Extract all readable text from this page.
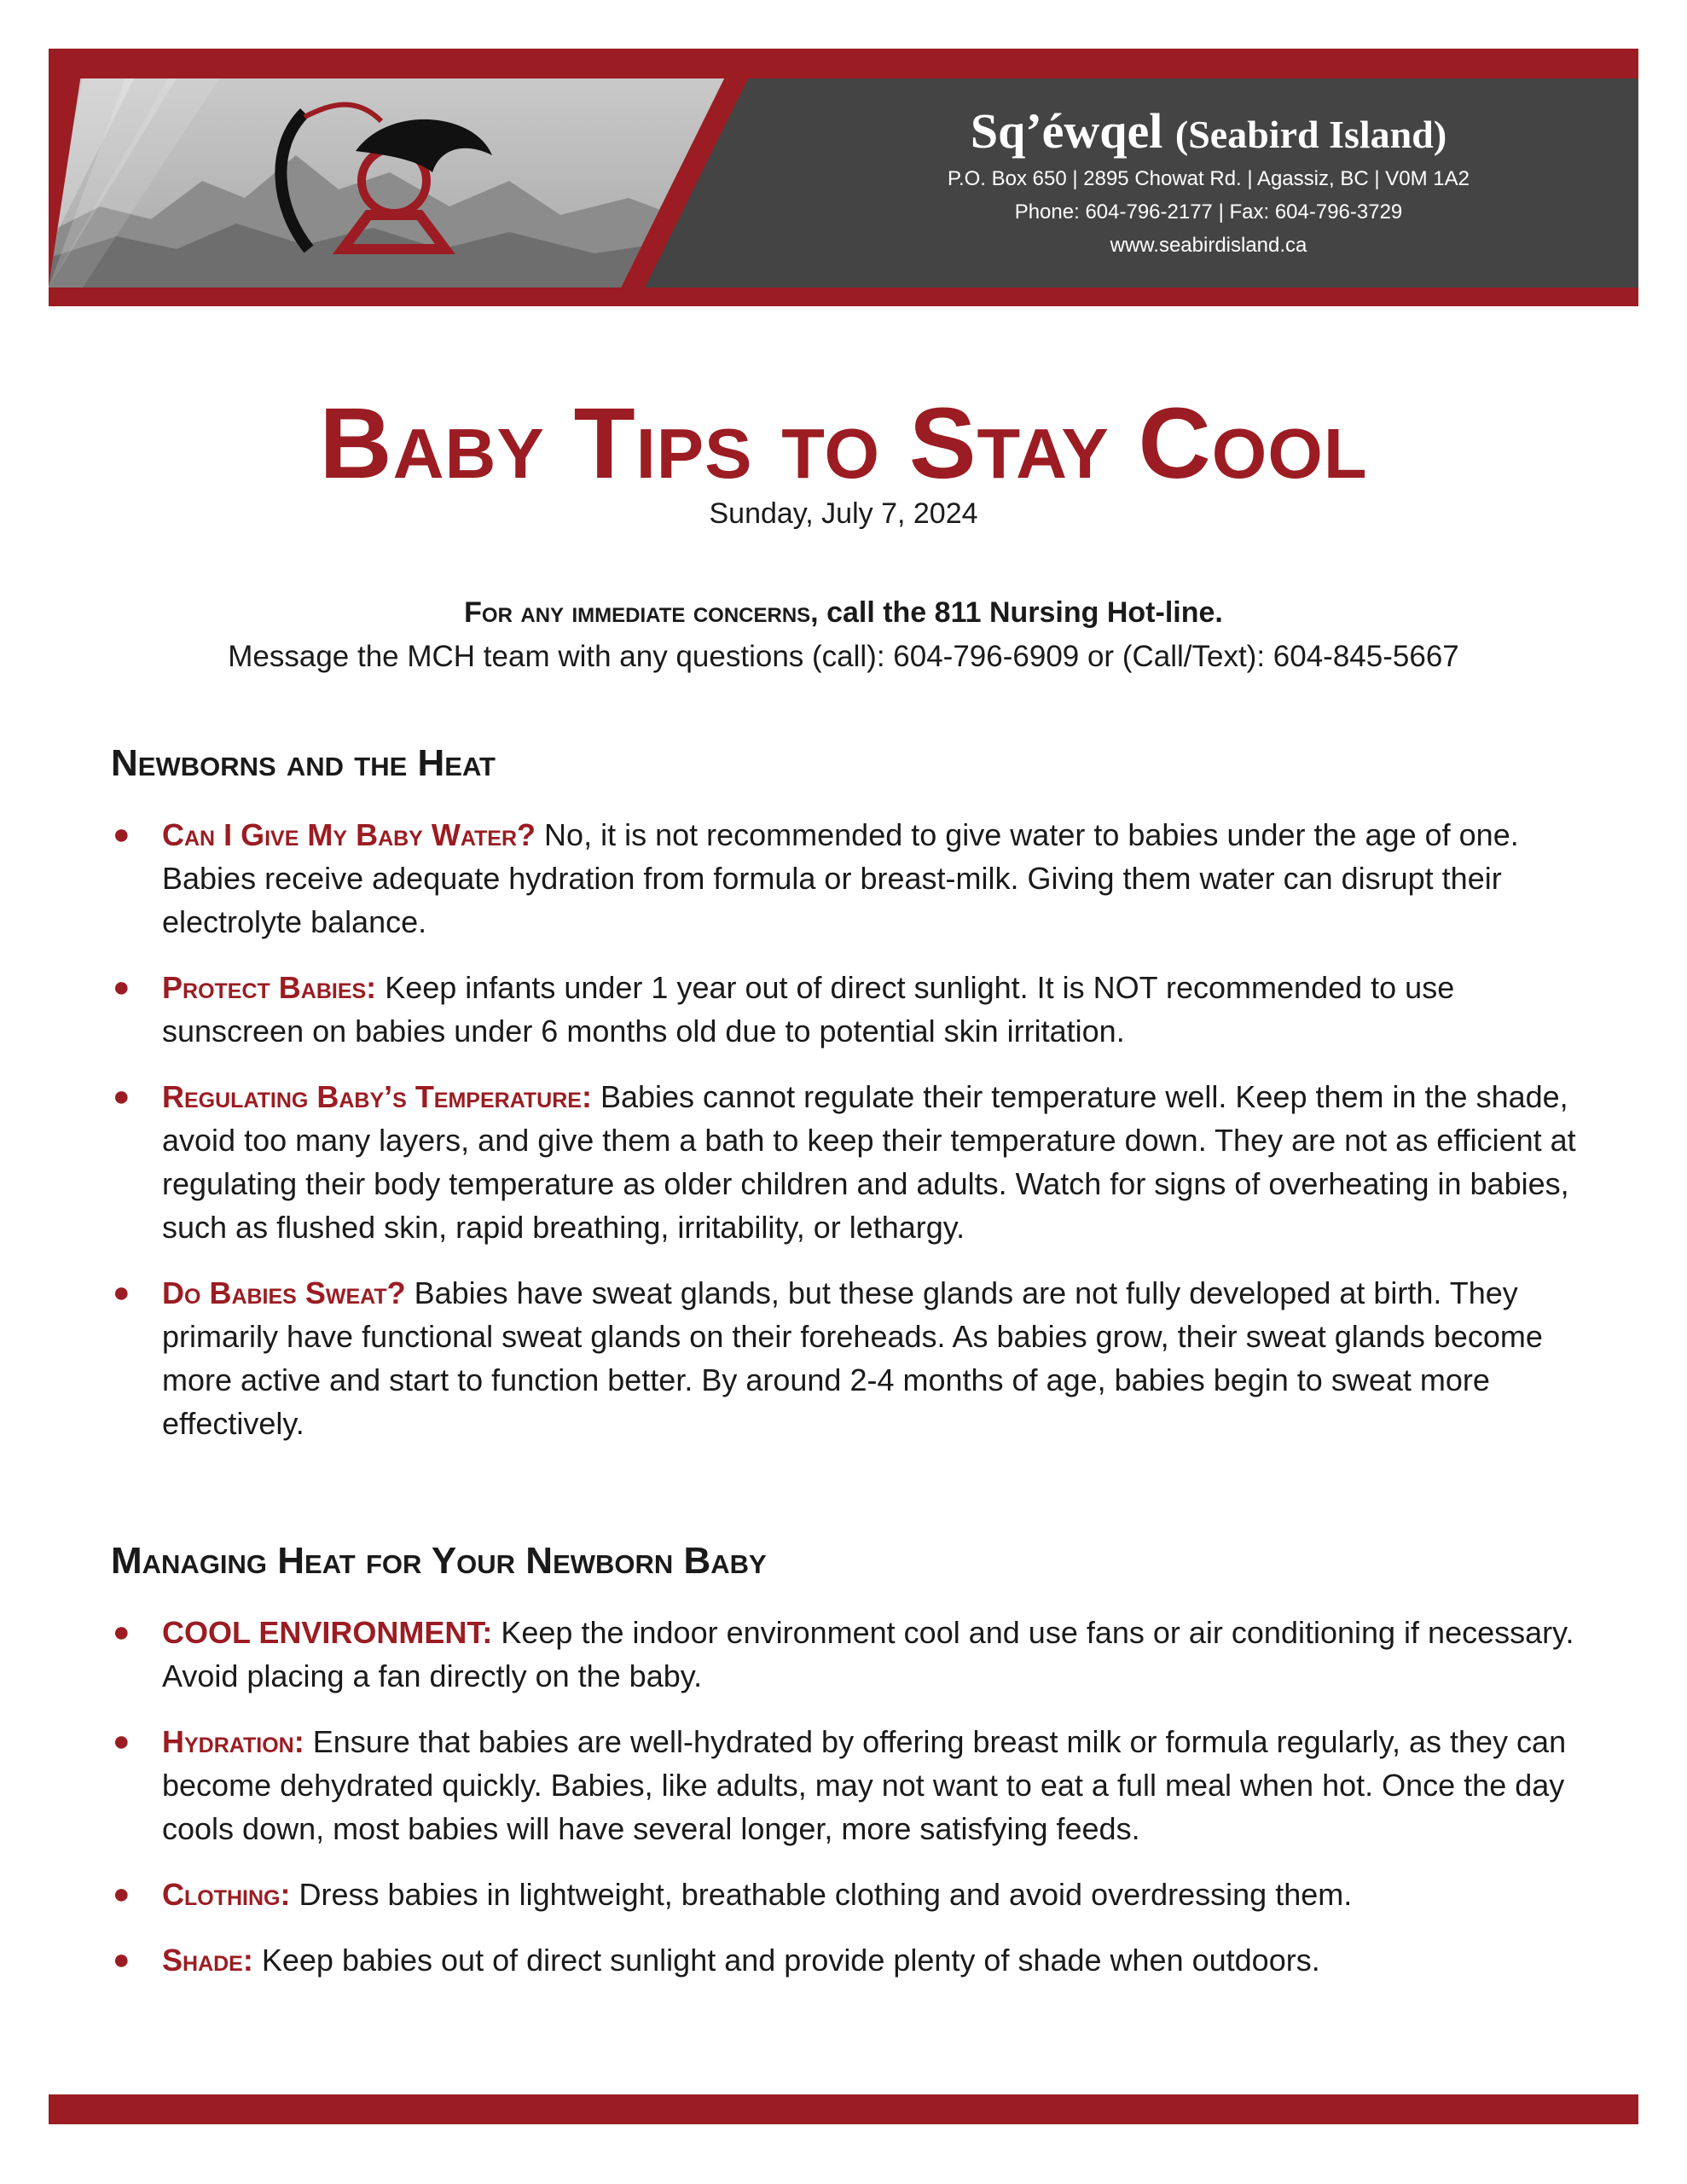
Sq’éwqel (Seabird Island)
P.O. Box 650 | 2895 Chowat Rd. | Agassiz, BC | V0M 1A2
Phone: 604-796-2177 | Fax: 604-796-3729
www.seabirdisland.ca
Baby Tips to Stay Cool
Sunday, July 7, 2024
For any immediate concerns, call the 811 Nursing Hot-line.
Message the MCH team with any questions (call): 604-796-6909 or (Call/Text): 604-845-5667
Newborns and the Heat
● Can I Give My Baby Water? No, it is not recommended to give water to babies under the age of one. Babies receive adequate hydration from formula or breast-milk. Giving them water can disrupt their electrolyte balance.
● Protect Babies: Keep infants under 1 year out of direct sunlight. It is NOT recommended to use sunscreen on babies under 6 months old due to potential skin irritation.
● Regulating Baby’s Temperature: Babies cannot regulate their temperature well. Keep them in the shade, avoid too many layers, and give them a bath to keep their temperature down. They are not as efficient at regulating their body temperature as older children and adults. Watch for signs of overheating in babies, such as flushed skin, rapid breathing, irritability, or lethargy.
● Do Babies Sweat? Babies have sweat glands, but these glands are not fully developed at birth. They primarily have functional sweat glands on their foreheads. As babies grow, their sweat glands become more active and start to function better. By around 2-4 months of age, babies begin to sweat more effectively.
Managing Heat for Your Newborn Baby
● COOL ENVIRONMENT: Keep the indoor environment cool and use fans or air conditioning if necessary. Avoid placing a fan directly on the baby.
● Hydration: Ensure that babies are well-hydrated by offering breast milk or formula regularly, as they can become dehydrated quickly. Babies, like adults, may not want to eat a full meal when hot. Once the day cools down, most babies will have several longer, more satisfying feeds.
● Clothing: Dress babies in lightweight, breathable clothing and avoid overdressing them.
● Shade: Keep babies out of direct sunlight and provide plenty of shade when outdoors.
